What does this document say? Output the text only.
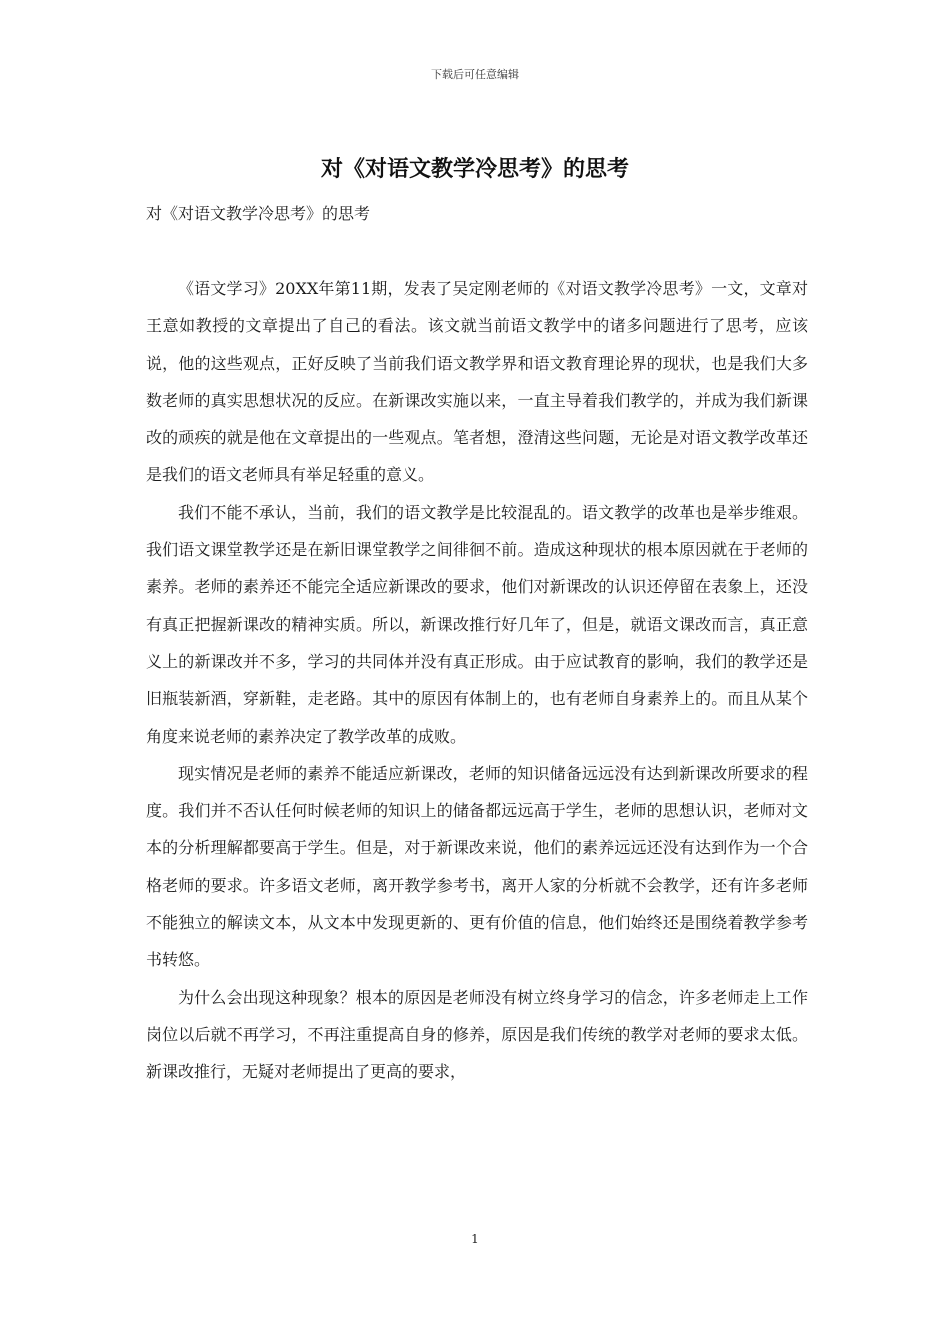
下载后可任意编辑
对《对语文教学冷思考》的思考

对《对语文教学冷思考》的思考

《语文学习》20XX年第11期，发表了吴定刚老师的《对语文教学冷思考》一文，文章对王意如教授的文章提出了自己的看法。该文就当前语文教学中的诸多问题进行了思考，应该说，他的这些观点，正好反映了当前我们语文教学界和语文教育理论界的现状，也是我们大多数老师的真实思想状况的反应。在新课改实施以来，一直主导着我们教学的，并成为我们新课改的顽疾的就是他在文章提出的一些观点。笔者想，澄清这些问题，无论是对语文教学改革还是我们的语文老师具有举足轻重的意义。

我们不能不承认，当前，我们的语文教学是比较混乱的。语文教学的改革也是举步维艰。我们语文课堂教学还是在新旧课堂教学之间徘徊不前。造成这种现状的根本原因就在于老师的素养。老师的素养还不能完全适应新课改的要求，他们对新课改的认识还停留在表象上，还没有真正把握新课改的精神实质。所以，新课改推行好几年了，但是，就语文课改而言，真正意义上的新课改并不多，学习的共同体并没有真正形成。由于应试教育的影响，我们的教学还是旧瓶装新酒，穿新鞋，走老路。其中的原因有体制上的，也有老师自身素养上的。而且从某个角度来说老师的素养决定了教学改革的成败。

现实情况是老师的素养不能适应新课改，老师的知识储备远远没有达到新课改所要求的程度。我们并不否认任何时候老师的知识上的储备都远远高于学生，老师的思想认识，老师对文本的分析理解都要高于学生。但是，对于新课改来说，他们的素养远远还没有达到作为一个合格老师的要求。许多语文老师，离开教学参考书，离开人家的分析就不会教学，还有许多老师不能独立的解读文本，从文本中发现更新的、更有价值的信息，他们始终还是围绕着教学参考书转悠。

为什么会出现这种现象？根本的原因是老师没有树立终身学习的信念，许多老师走上工作岗位以后就不再学习，不再注重提高自身的修养，原因是我们传统的教学对老师的要求太低。新课改推行，无疑对老师提出了更高的要求，

1
